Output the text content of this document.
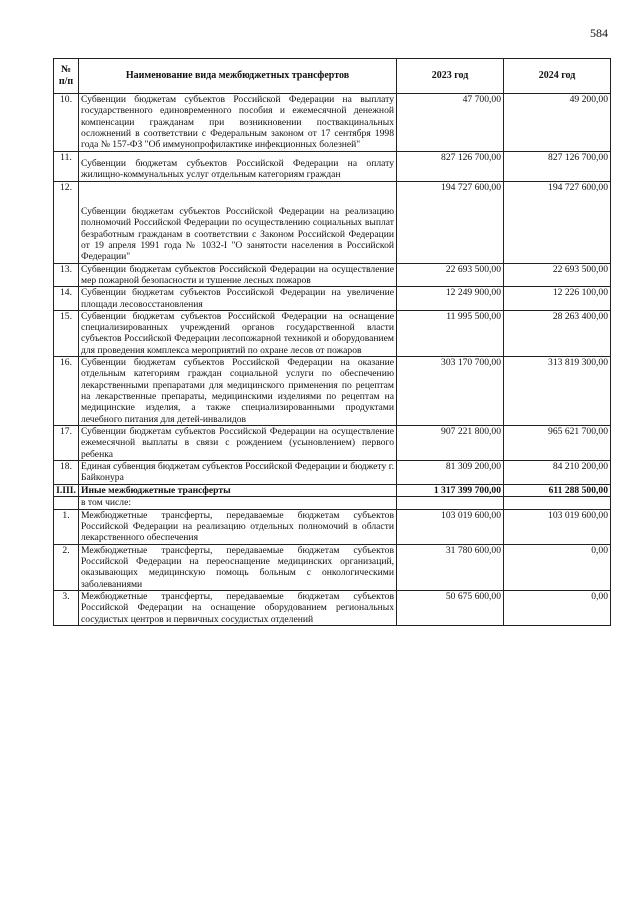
584
№ п/п	Наименование вида межбюджетных трансфертов	2023 год	2024 год
10.	Субвенции бюджетам субъектов Российской Федерации на выплату государственного единовременного пособия и ежемесячной денежной компенсации гражданам при возникновении поствакцинальных осложнений в соответствии с Федеральным законом от 17 сентября 1998 года № 157-ФЗ "Об иммунопрофилактике инфекционных болезней"	47 700,00	49 200,00
11.	Субвенции бюджетам субъектов Российской Федерации на оплату жилищно-коммунальных услуг отдельным категориям граждан	827 126 700,00	827 126 700,00
12.	Субвенции бюджетам субъектов Российской Федерации на реализацию полномочий Российской Федерации по осуществлению социальных выплат безработным гражданам в соответствии с Законом Российской Федерации от 19 апреля 1991 года № 1032-I "О занятости населения в Российской Федерации"	194 727 600,00	194 727 600,00
13.	Субвенции бюджетам субъектов Российской Федерации на осуществление мер пожарной безопасности и тушение лесных пожаров	22 693 500,00	22 693 500,00
14.	Субвенции бюджетам субъектов Российской Федерации на увеличение площади лесовосстановления	12 249 900,00	12 226 100,00
15.	Субвенции бюджетам субъектов Российской Федерации на оснащение специализированных учреждений органов государственной власти субъектов Российской Федерации лесопожарной техникой и оборудованием для проведения комплекса мероприятий по охране лесов от пожаров	11 995 500,00	28 263 400,00
16.	Субвенции бюджетам субъектов Российской Федерации на оказание отдельным категориям граждан социальной услуги по обеспечению лекарственными препаратами для медицинского применения по рецептам на лекарственные препараты, медицинскими изделиями по рецептам на медицинские изделия, а также специализированными продуктами лечебного питания для детей-инвалидов	303 170 700,00	313 819 300,00
17.	Субвенции бюджетам субъектов Российской Федерации на осуществление ежемесячной выплаты в связи с рождением (усыновлением) первого ребенка	907 221 800,00	965 621 700,00
18.	Единая субвенция бюджетам субъектов Российской Федерации и бюджету г. Байконура	81 309 200,00	84 210 200,00
I.III.	Иные межбюджетные трансферты	1 317 399 700,00	611 288 500,00
	в том числе:		
1.	Межбюджетные трансферты, передаваемые бюджетам субъектов Российской Федерации на реализацию отдельных полномочий в области лекарственного обеспечения	103 019 600,00	103 019 600,00
2.	Межбюджетные трансферты, передаваемые бюджетам субъектов Российской Федерации на переоснащение медицинских организаций, оказывающих медицинскую помощь больным с онкологическими заболеваниями	31 780 600,00	0,00
3.	Межбюджетные трансферты, передаваемые бюджетам субъектов Российской Федерации на оснащение оборудованием региональных сосудистых центров и первичных сосудистых отделений	50 675 600,00	0,00
